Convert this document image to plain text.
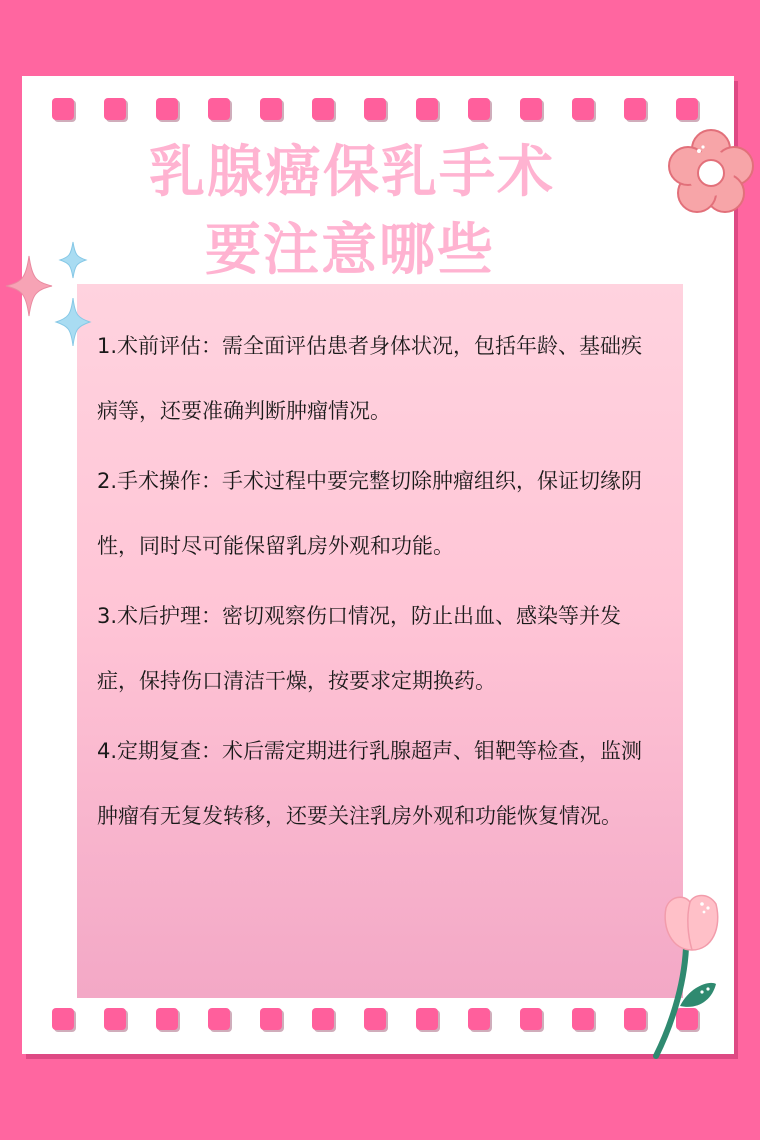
乳腺癌保乳手术
要注意哪些

1.术前评估：需全面评估患者身体状况，包括年龄、基础疾病等，还要准确判断肿瘤情况。

2.手术操作：手术过程中要完整切除肿瘤组织，保证切缘阴性，同时尽可能保留乳房外观和功能。

3.术后护理：密切观察伤口情况，防止出血、感染等并发症，保持伤口清洁干燥，按要求定期换药。

4.定期复查：术后需定期进行乳腺超声、钼靶等检查，监测肿瘤有无复发转移，还要关注乳房外观和功能恢复情况。
